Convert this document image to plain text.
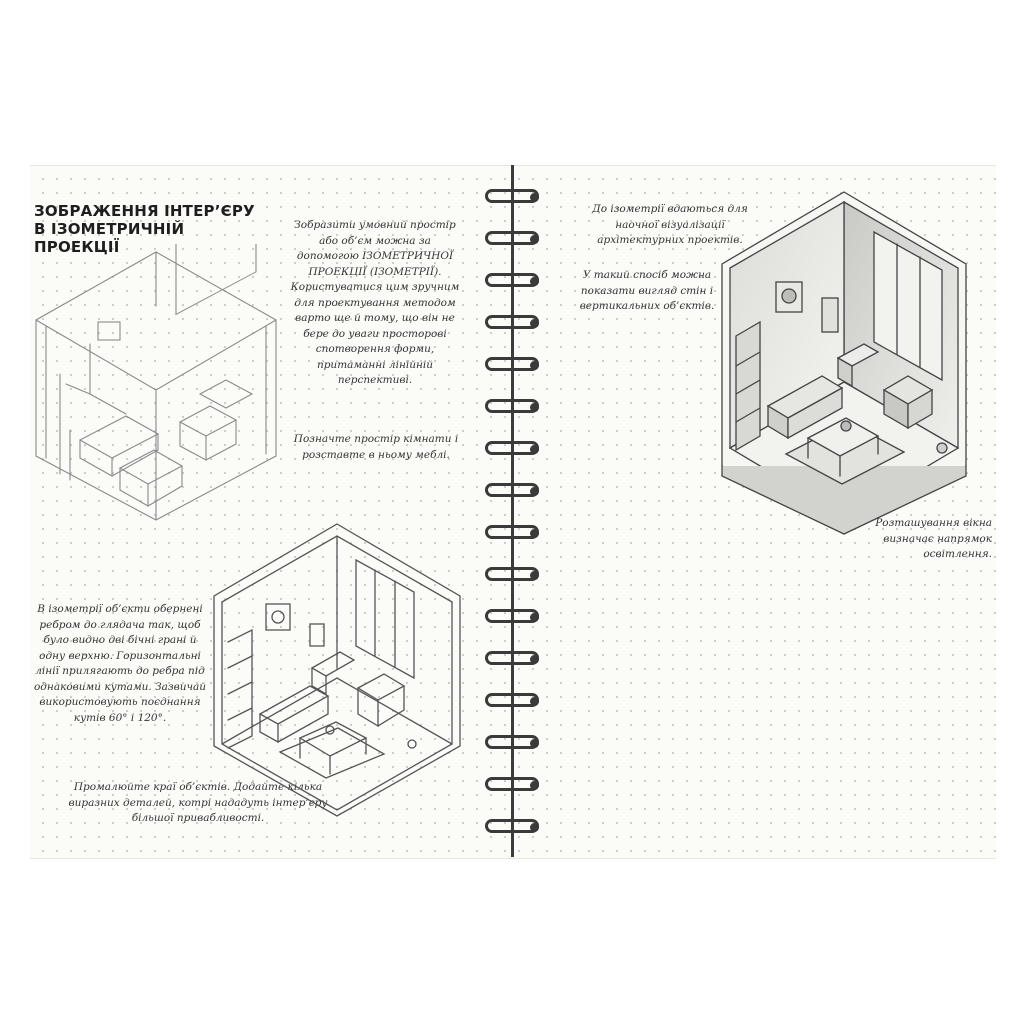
ЗОБРАЖЕННЯ ІНТЕР’ЄРУ
В ІЗОМЕТРИЧНІЙ ПРОЕКЦІЇ

Зобразити умовний простір або об’єм можна за допомогою ІЗОМЕТРИЧНОЇ ПРОЕКЦІЇ (ІЗОМЕТРІЇ). Користуватися цим зручним для проектування методом варто ще й тому, що він не бере до уваги просторові спотворення форми, притаманні лінійній перспективі.

Позначте простір кімнати і розставте в ньому меблі.

В ізометрії об’єкти обернені ребром до глядача так, щоб було видно дві бічні грані й одну верхню. Горизонтальні лінії прилягають до ребра під однаковими кутами. Зазвичай використовують поєднання кутів 60° і 120°.

Промалюйте краї об’єктів. Додайте кілька виразних деталей, котрі нададуть інтер’єру більшої привабливості.

До ізометрії вдаються для наочної візуалізації архітектурних проектів.

У такий спосіб можна показати вигляд стін і вертикальних об’єктів.

Розташування вікна визначає напрямок освітлення.
